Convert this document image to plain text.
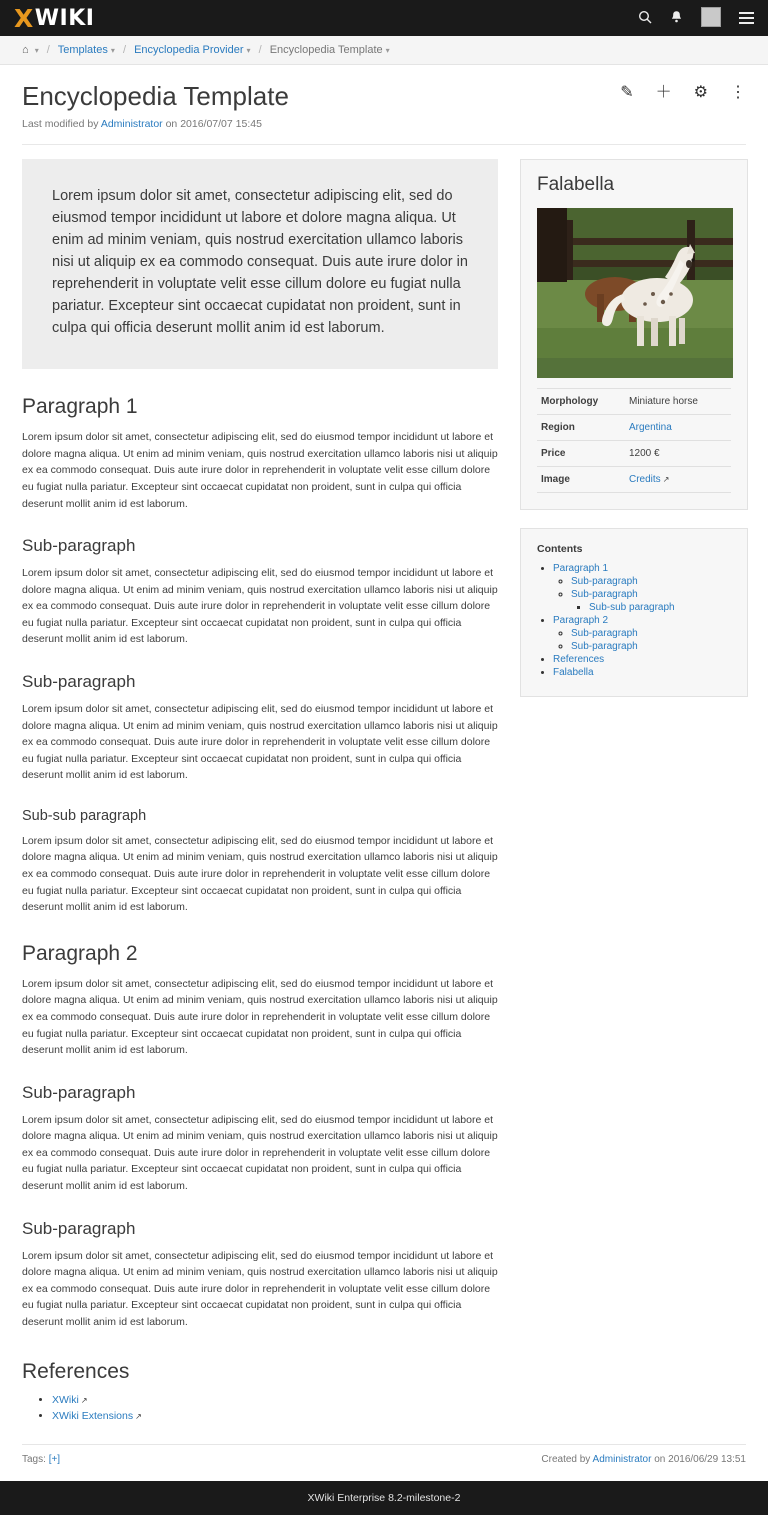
X WIKI
⌂ ▾ / Templates ▾ / Encyclopedia Provider ▾ / Encyclopedia Template ▾
Encyclopedia Template
Last modified by Administrator on 2016/07/07 15:45
✎ ＋ ⚙ ⋮
Lorem ipsum dolor sit amet, consectetur adipiscing elit, sed do eiusmod tempor incididunt ut labore et dolore magna aliqua. Ut enim ad minim veniam, quis nostrud exercitation ullamco laboris nisi ut aliquip ex ea commodo consequat. Duis aute irure dolor in reprehenderit in voluptate velit esse cillum dolore eu fugiat nulla pariatur. Excepteur sint occaecat cupidatat non proident, sunt in culpa qui officia deserunt mollit anim id est laborum.
Paragraph 1

Lorem ipsum dolor sit amet, consectetur adipiscing elit, sed do eiusmod tempor incididunt ut labore et dolore magna aliqua. Ut enim ad minim veniam, quis nostrud exercitation ullamco laboris nisi ut aliquip ex ea commodo consequat. Duis aute irure dolor in reprehenderit in voluptate velit esse cillum dolore eu fugiat nulla pariatur. Excepteur sint occaecat cupidatat non proident, sunt in culpa qui officia deserunt mollit anim id est laborum.

Sub-paragraph

Lorem ipsum dolor sit amet, consectetur adipiscing elit, sed do eiusmod tempor incididunt ut labore et dolore magna aliqua. Ut enim ad minim veniam, quis nostrud exercitation ullamco laboris nisi ut aliquip ex ea commodo consequat. Duis aute irure dolor in reprehenderit in voluptate velit esse cillum dolore eu fugiat nulla pariatur. Excepteur sint occaecat cupidatat non proident, sunt in culpa qui officia deserunt mollit anim id est laborum.

Sub-paragraph

Lorem ipsum dolor sit amet, consectetur adipiscing elit, sed do eiusmod tempor incididunt ut labore et dolore magna aliqua. Ut enim ad minim veniam, quis nostrud exercitation ullamco laboris nisi ut aliquip ex ea commodo consequat. Duis aute irure dolor in reprehenderit in voluptate velit esse cillum dolore eu fugiat nulla pariatur. Excepteur sint occaecat cupidatat non proident, sunt in culpa qui officia deserunt mollit anim id est laborum.

Sub-sub paragraph

Lorem ipsum dolor sit amet, consectetur adipiscing elit, sed do eiusmod tempor incididunt ut labore et dolore magna aliqua. Ut enim ad minim veniam, quis nostrud exercitation ullamco laboris nisi ut aliquip ex ea commodo consequat. Duis aute irure dolor in reprehenderit in voluptate velit esse cillum dolore eu fugiat nulla pariatur. Excepteur sint occaecat cupidatat non proident, sunt in culpa qui officia deserunt mollit anim id est laborum.

Paragraph 2

Lorem ipsum dolor sit amet, consectetur adipiscing elit, sed do eiusmod tempor incididunt ut labore et dolore magna aliqua. Ut enim ad minim veniam, quis nostrud exercitation ullamco laboris nisi ut aliquip ex ea commodo consequat. Duis aute irure dolor in reprehenderit in voluptate velit esse cillum dolore eu fugiat nulla pariatur. Excepteur sint occaecat cupidatat non proident, sunt in culpa qui officia deserunt mollit anim id est laborum.

Sub-paragraph

Lorem ipsum dolor sit amet, consectetur adipiscing elit, sed do eiusmod tempor incididunt ut labore et dolore magna aliqua. Ut enim ad minim veniam, quis nostrud exercitation ullamco laboris nisi ut aliquip ex ea commodo consequat. Duis aute irure dolor in reprehenderit in voluptate velit esse cillum dolore eu fugiat nulla pariatur. Excepteur sint occaecat cupidatat non proident, sunt in culpa qui officia deserunt mollit anim id est laborum.

Sub-paragraph

Lorem ipsum dolor sit amet, consectetur adipiscing elit, sed do eiusmod tempor incididunt ut labore et dolore magna aliqua. Ut enim ad minim veniam, quis nostrud exercitation ullamco laboris nisi ut aliquip ex ea commodo consequat. Duis aute irure dolor in reprehenderit in voluptate velit esse cillum dolore eu fugiat nulla pariatur. Excepteur sint occaecat cupidatat non proident, sunt in culpa qui officia deserunt mollit anim id est laborum.

References
• XWiki ↗
• XWiki Extensions ↗
Falabella
Morphology	Miniature horse
Region	Argentina
Price	1200 €
Image	Credits ↗
Contents
• Paragraph 1
◦ Sub-paragraph
◦ Sub-paragraph
▪ Sub-sub paragraph
• Paragraph 2
◦ Sub-paragraph
◦ Sub-paragraph
• References
• Falabella
Tags: [+]	Created by Administrator on 2016/06/29 13:51
XWiki Enterprise 8.2-milestone-2
